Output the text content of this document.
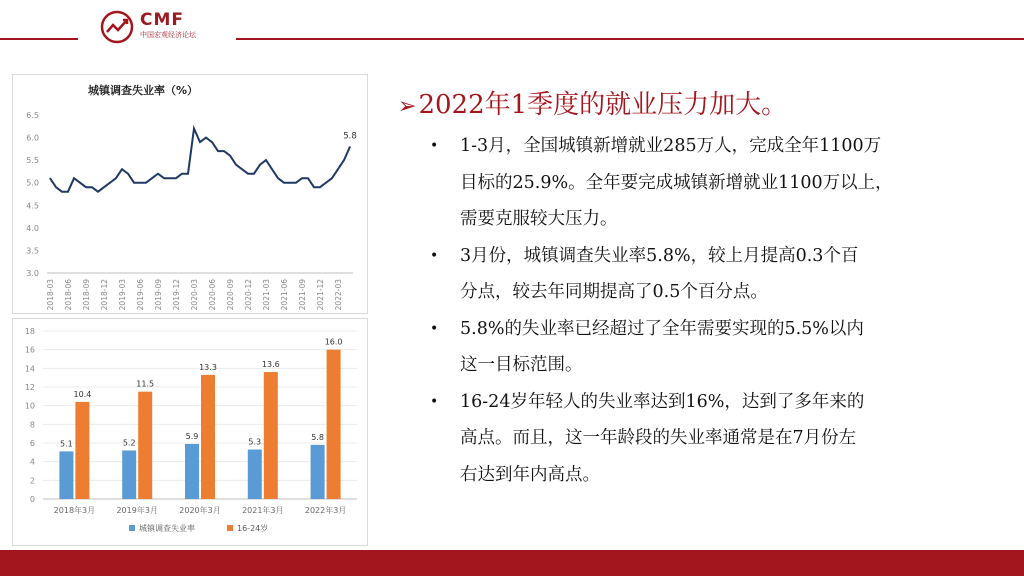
CMF
中国宏观经济论坛
城镇调查失业率（%）
6.5
6.0
5.5
5.0
4.5
4.0
3.5
3.0
2018-03 2018-06 2018-09 2018-12 2019-03 2019-06 2019-09 2019-12 2020-03 2020-06 2020-09 2020-12 2021-03 2021-06 2021-09 2021-12 2022-03
5.8
18
16
14
12
10
8
6
4
2
0
5.1
10.4
5.2
11.5
5.9
13.3
5.3
13.6
5.8
16.0
2018年3月	2019年3月	2020年3月	2021年3月	2022年3月
城镇调查失业率	16-24岁
➢2022年1季度的就业压力加大。
• 1-3月，全国城镇新增就业285万人，完成全年1100万
目标的25.9%。全年要完成城镇新增就业1100万以上，
需要克服较大压力。
• 3月份，城镇调查失业率5.8%，较上月提高0.3个百
分点，较去年同期提高了0.5个百分点。
• 5.8%的失业率已经超过了全年需要实现的5.5%以内
这一目标范围。
• 16-24岁年轻人的失业率达到16%，达到了多年来的
高点。而且，这一年龄段的失业率通常是在7月份左
右达到年内高点。
